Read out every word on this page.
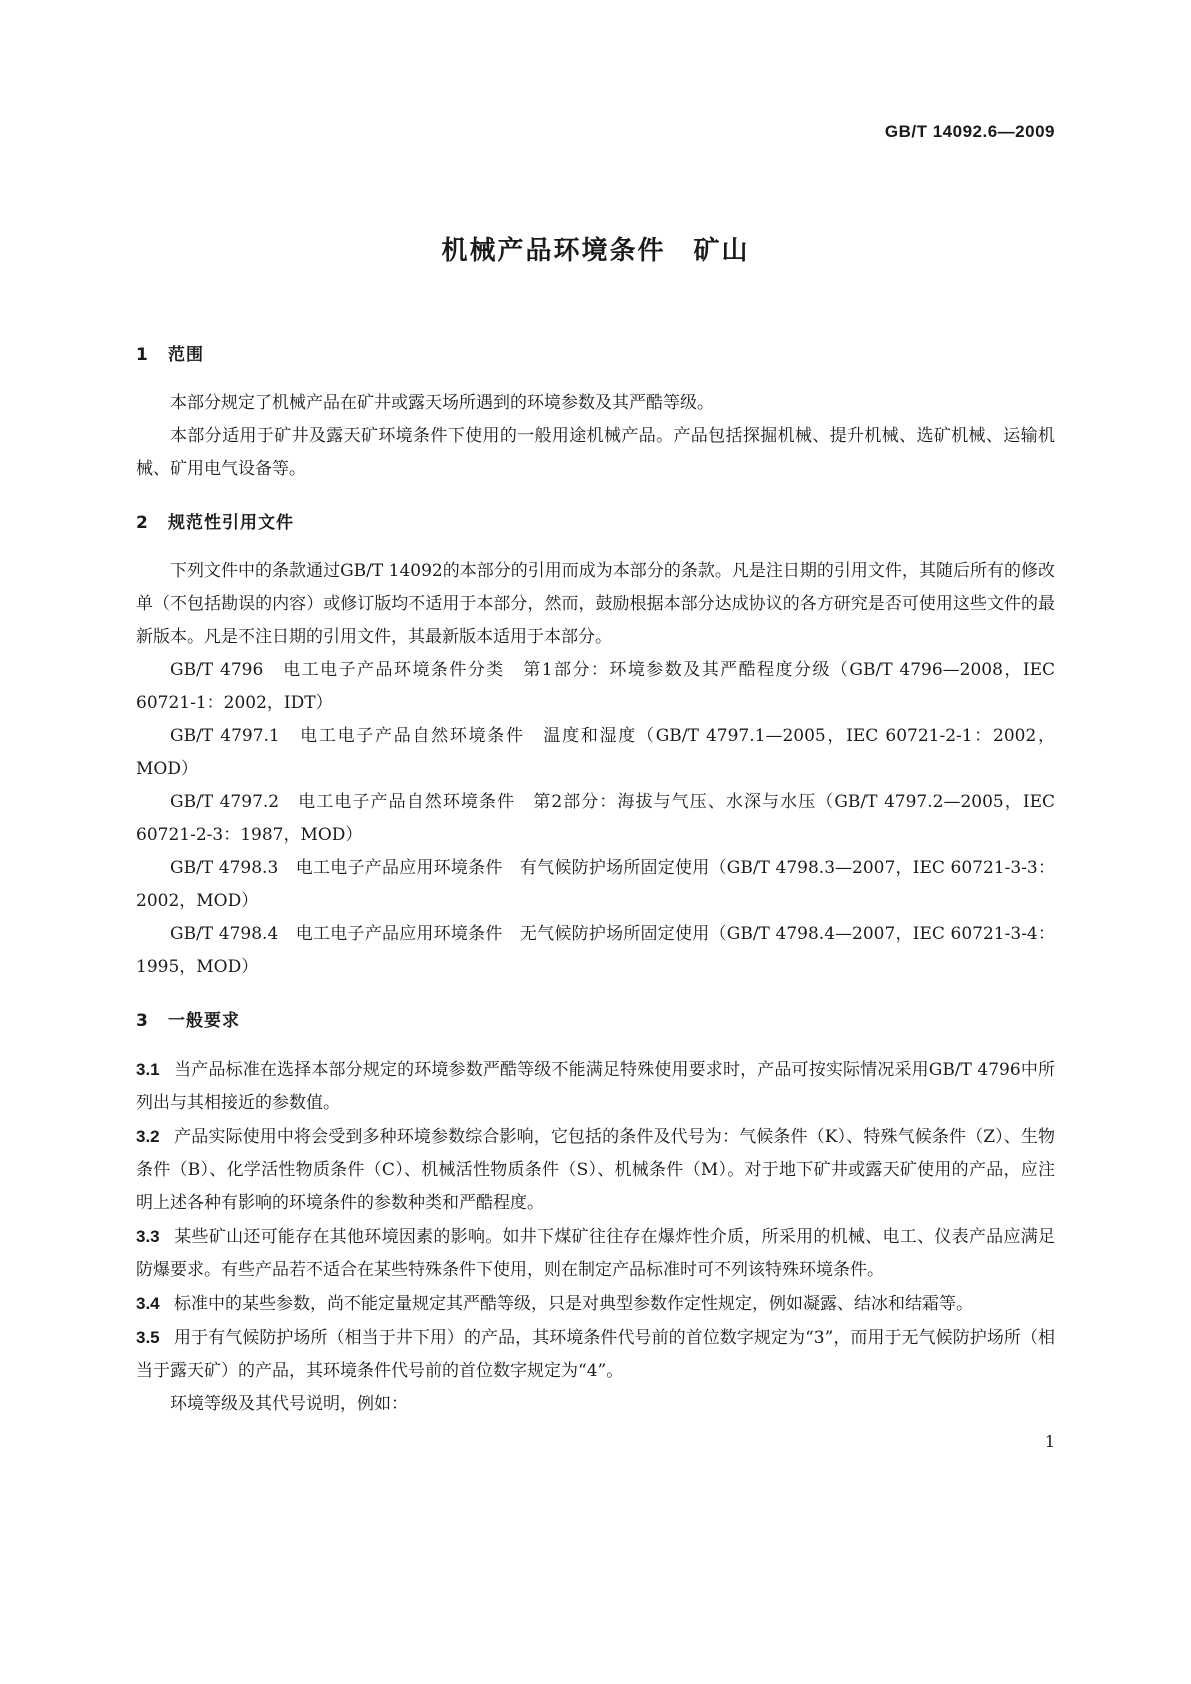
GB/T 14092.6—2009
机械产品环境条件　矿山
1 范围

本部分规定了机械产品在矿井或露天场所遇到的环境参数及其严酷等级。

本部分适用于矿井及露天矿环境条件下使用的一般用途机械产品。产品包括探掘机械、提升机械、选矿机械、运输机械、矿用电气设备等。

2 规范性引用文件

下列文件中的条款通过GB/T 14092的本部分的引用而成为本部分的条款。凡是注日期的引用文件，其随后所有的修改单（不包括勘误的内容）或修订版均不适用于本部分，然而，鼓励根据本部分达成协议的各方研究是否可使用这些文件的最新版本。凡是不注日期的引用文件，其最新版本适用于本部分。

GB/T 4796　电工电子产品环境条件分类　第1部分：环境参数及其严酷程度分级（GB/T 4796—2008，IEC 60721-1：2002，IDT）

GB/T 4797.1　电工电子产品自然环境条件　温度和湿度（GB/T 4797.1—2005，IEC 60721-2-1：2002，MOD）

GB/T 4797.2　电工电子产品自然环境条件　第2部分：海拔与气压、水深与水压（GB/T 4797.2—2005，IEC 60721-2-3：1987，MOD）

GB/T 4798.3　电工电子产品应用环境条件　有气候防护场所固定使用（GB/T 4798.3—2007，IEC 60721-3-3：2002，MOD）

GB/T 4798.4　电工电子产品应用环境条件　无气候防护场所固定使用（GB/T 4798.4—2007，IEC 60721-3-4：1995，MOD）

3 一般要求

3.1 当产品标准在选择本部分规定的环境参数严酷等级不能满足特殊使用要求时，产品可按实际情况采用GB/T 4796中所列出与其相接近的参数值。

3.2 产品实际使用中将会受到多种环境参数综合影响，它包括的条件及代号为：气候条件（K）、特殊气候条件（Z）、生物条件（B）、化学活性物质条件（C）、机械活性物质条件（S）、机械条件（M）。对于地下矿井或露天矿使用的产品，应注明上述各种有影响的环境条件的参数种类和严酷程度。

3.3 某些矿山还可能存在其他环境因素的影响。如井下煤矿往往存在爆炸性介质，所采用的机械、电工、仪表产品应满足防爆要求。有些产品若不适合在某些特殊条件下使用，则在制定产品标准时可不列该特殊环境条件。

3.4 标准中的某些参数，尚不能定量规定其严酷等级，只是对典型参数作定性规定，例如凝露、结冰和结霜等。

3.5 用于有气候防护场所（相当于井下用）的产品，其环境条件代号前的首位数字规定为“3”，而用于无气候防护场所（相当于露天矿）的产品，其环境条件代号前的首位数字规定为“4”。

环境等级及其代号说明，例如：

1
